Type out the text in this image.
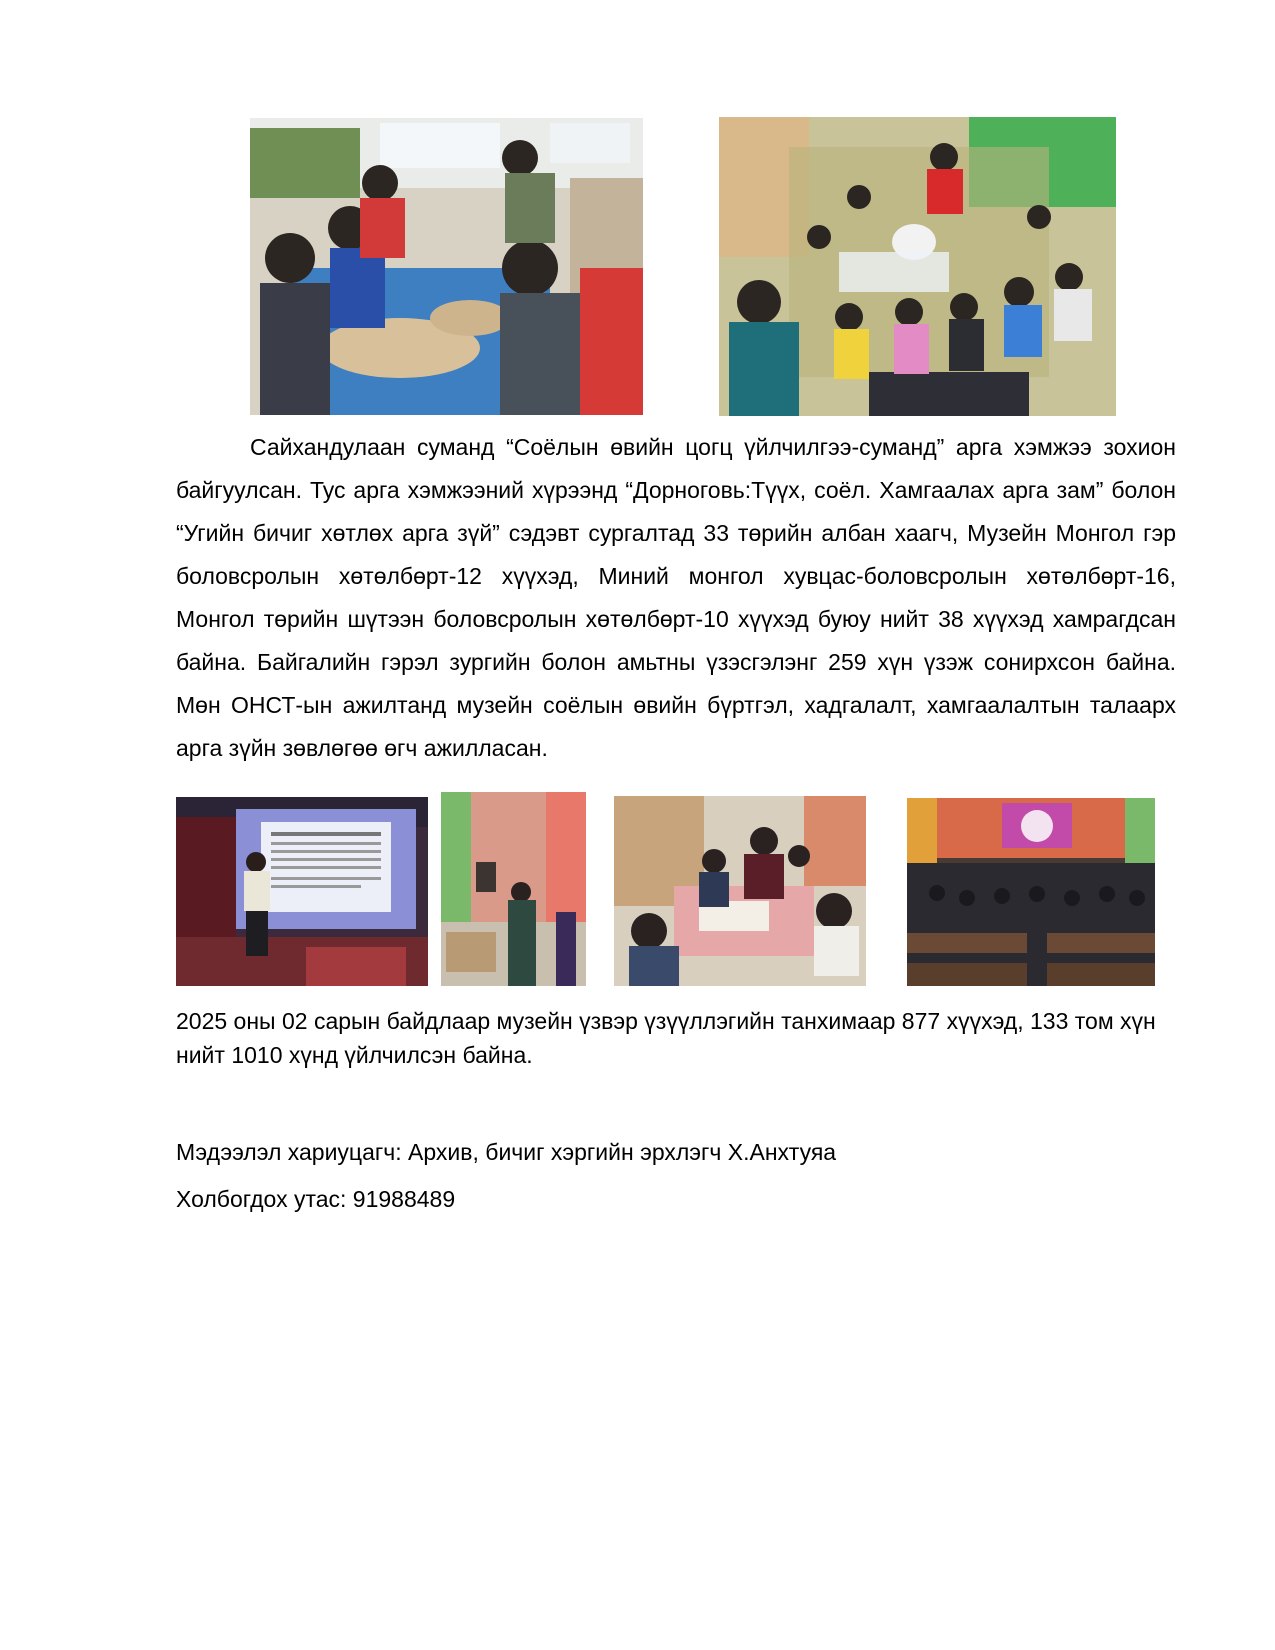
Сайхандулаан суманд “Соёлын өвийн цогц үйлчилгээ-суманд” арга хэмжээ зохион байгуулсан. Тус арга хэмжээний хүрээнд “Дорноговь:Түүх, соёл. Хамгаалах арга зам” болон “Угийн бичиг хөтлөх арга зүй” сэдэвт сургалтад 33 төрийн албан хаагч, Музейн Монгол гэр боловсролын хөтөлбөрт-12 хүүхэд, Миний монгол хувцас-боловсролын хөтөлбөрт-16, Монгол төрийн шүтээн боловсролын хөтөлбөрт-10 хүүхэд буюу нийт 38 хүүхэд хамрагдсан байна. Байгалийн гэрэл зургийн болон амьтны үзэсгэлэнг 259 хүн үзэж сонирхсон байна. Мөн ОНСТ-ын ажилтанд музейн соёлын өвийн бүртгэл, хадгалалт, хамгаалалтын талаарх арга зүйн зөвлөгөө өгч ажилласан.

2025 оны 02 сарын байдлаар музейн үзвэр үзүүллэгийн танхимаар 877 хүүхэд, 133 том хүн нийт 1010 хүнд үйлчилсэн байна.

Мэдээлэл хариуцагч: Архив, бичиг хэргийн эрхлэгч Х.Анхтуяа

Холбогдох утас: 91988489
